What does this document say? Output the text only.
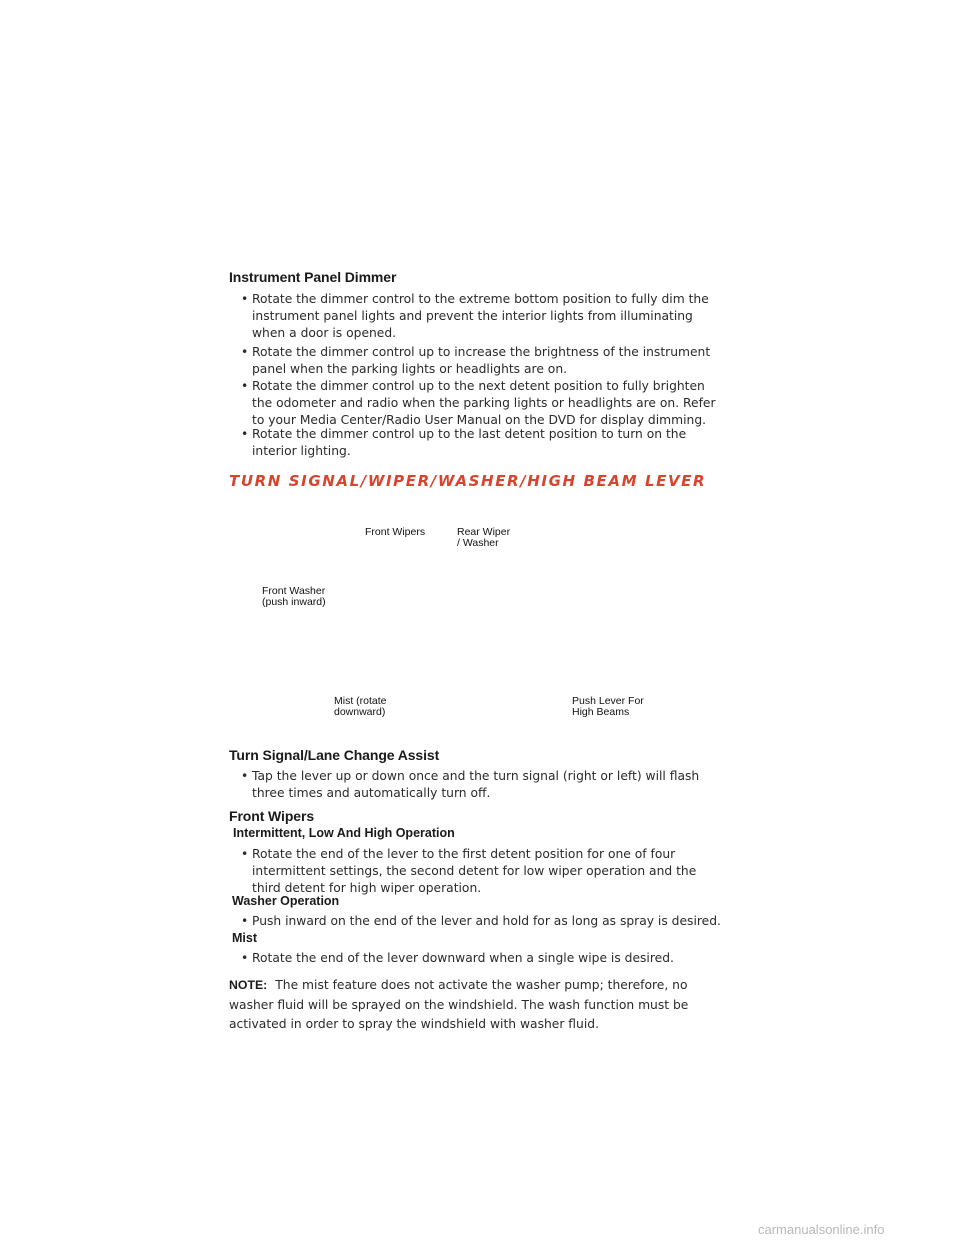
Instrument Panel Dimmer
• Rotate the dimmer control to the extreme bottom position to fully dim the instrument panel lights and prevent the interior lights from illuminating when a door is opened.
• Rotate the dimmer control up to increase the brightness of the instrument panel when the parking lights or headlights are on.
• Rotate the dimmer control up to the next detent position to fully brighten the odometer and radio when the parking lights or headlights are on. Refer to your Media Center/Radio User Manual on the DVD for display dimming.
• Rotate the dimmer control up to the last detent position to turn on the interior lighting.
TURN SIGNAL/WIPER/WASHER/HIGH BEAM LEVER
Front Wipers	Rear Wiper
/ Washer
Front Washer
(push inward)
Mist (rotate
downward)
Push Lever For
High Beams
Turn Signal/Lane Change Assist
• Tap the lever up or down once and the turn signal (right or left) will flash three times and automatically turn off.
Front Wipers
Intermittent, Low And High Operation
• Rotate the end of the lever to the first detent position for one of four intermittent settings, the second detent for low wiper operation and the third detent for high wiper operation.
Washer Operation
• Push inward on the end of the lever and hold for as long as spray is desired.
Mist
• Rotate the end of the lever downward when a single wipe is desired.
NOTE: The mist feature does not activate the washer pump; therefore, no washer fluid will be sprayed on the windshield. The wash function must be activated in order to spray the windshield with washer fluid.
carmanualsonline.info
